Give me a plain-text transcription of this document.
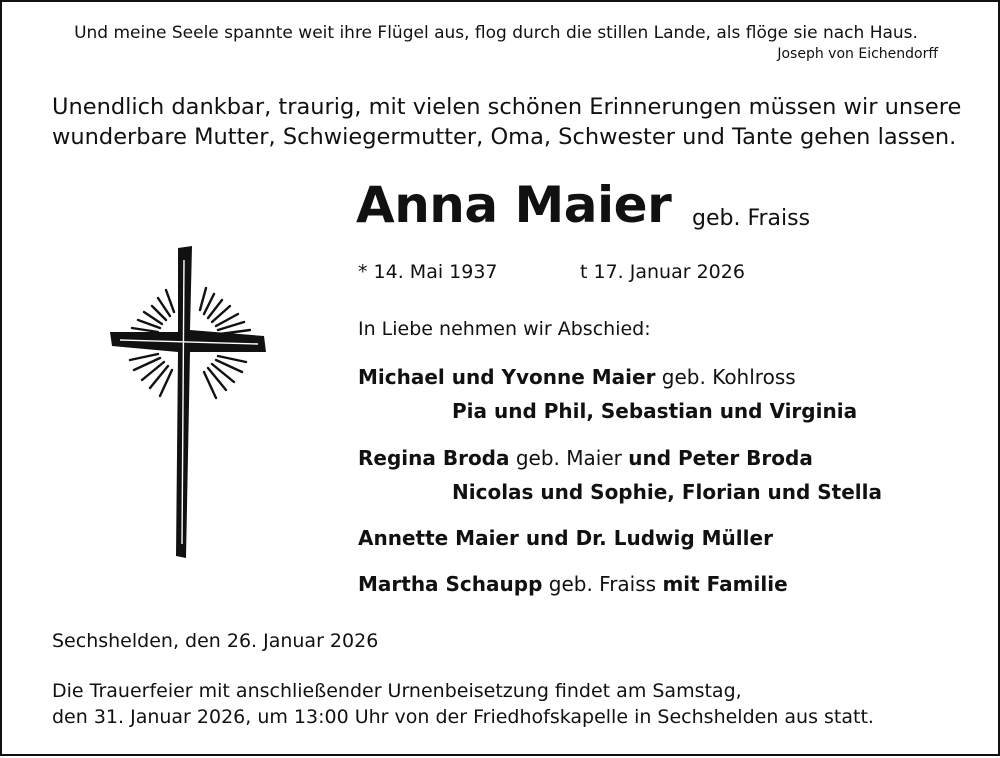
Und meine Seele spannte weit ihre Flügel aus, flog durch die stillen Lande, als flöge sie nach Haus.
Joseph von Eichendorff
Unendlich dankbar, traurig, mit vielen schönen Erinnerungen müssen wir unsere
wunderbare Mutter, Schwiegermutter, Oma, Schwester und Tante gehen lassen.
Anna Maier geb. Fraiss
* 14. Mai 1937	t 17. Januar 2026
In Liebe nehmen wir Abschied:
Michael und Yvonne Maier geb. Kohlross
Pia und Phil, Sebastian und Virginia
Regina Broda geb. Maier und Peter Broda
Nicolas und Sophie, Florian und Stella
Annette Maier und Dr. Ludwig Müller
Martha Schaupp geb. Fraiss mit Familie
Sechshelden, den 26. Januar 2026
Die Trauerfeier mit anschließender Urnenbeisetzung findet am Samstag,
den 31. Januar 2026, um 13:00 Uhr von der Friedhofskapelle in Sechshelden aus statt.
